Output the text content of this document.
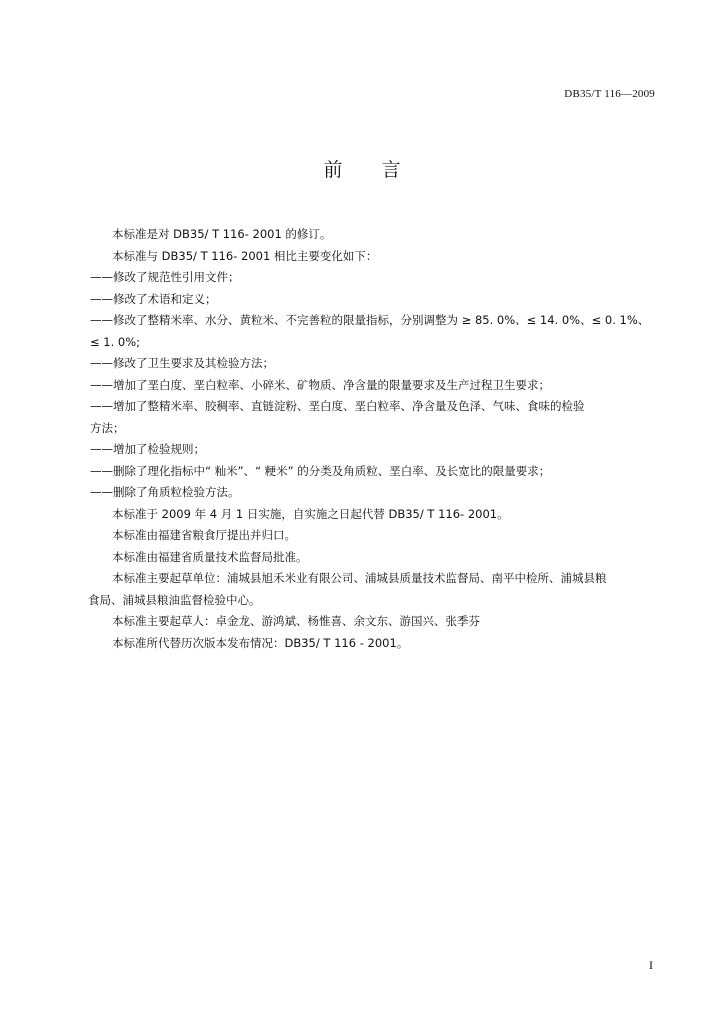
DB35/T 116—2009
前 言
本标准是对 DB35/ T 116- 2001 的修订。
本标准与 DB35/ T 116- 2001 相比主要变化如下：
——修改了规范性引用文件；
——修改了术语和定义；
——修改了整精米率、水分、黄粒米、不完善粒的限量指标，分别调整为 ≥ 85. 0%、≤ 14. 0%、≤ 0. 1%、
≤ 1. 0%;
——修改了卫生要求及其检验方法；
——增加了垩白度、垩白粒率、小碎米、矿物质、净含量的限量要求及生产过程卫生要求；
——增加了整精米率、胶稠率、直链淀粉、垩白度、垩白粒率、净含量及色泽、气味、食味的检验
方法；
——增加了检验规则；
——删除了理化指标中“ 籼米”、“ 粳米” 的分类及角质粒、垩白率、及长宽比的限量要求；
——删除了角质粒检验方法。
本标准于 2009 年 4 月 1 日实施，自实施之日起代替 DB35/ T 116- 2001。
本标准由福建省粮食厅提出并归口。
本标准由福建省质量技术监督局批准。
本标准主要起草单位：浦城县旭禾米业有限公司、浦城县质量技术监督局、南平中检所、浦城县粮
食局、浦城县粮油监督检验中心。
本标准主要起草人：卓金龙、游鸿斌、杨惟喜、余文东、游国兴、张季芬
本标准所代替历次版本发布情况：DB35/ T 116 - 2001。
I
